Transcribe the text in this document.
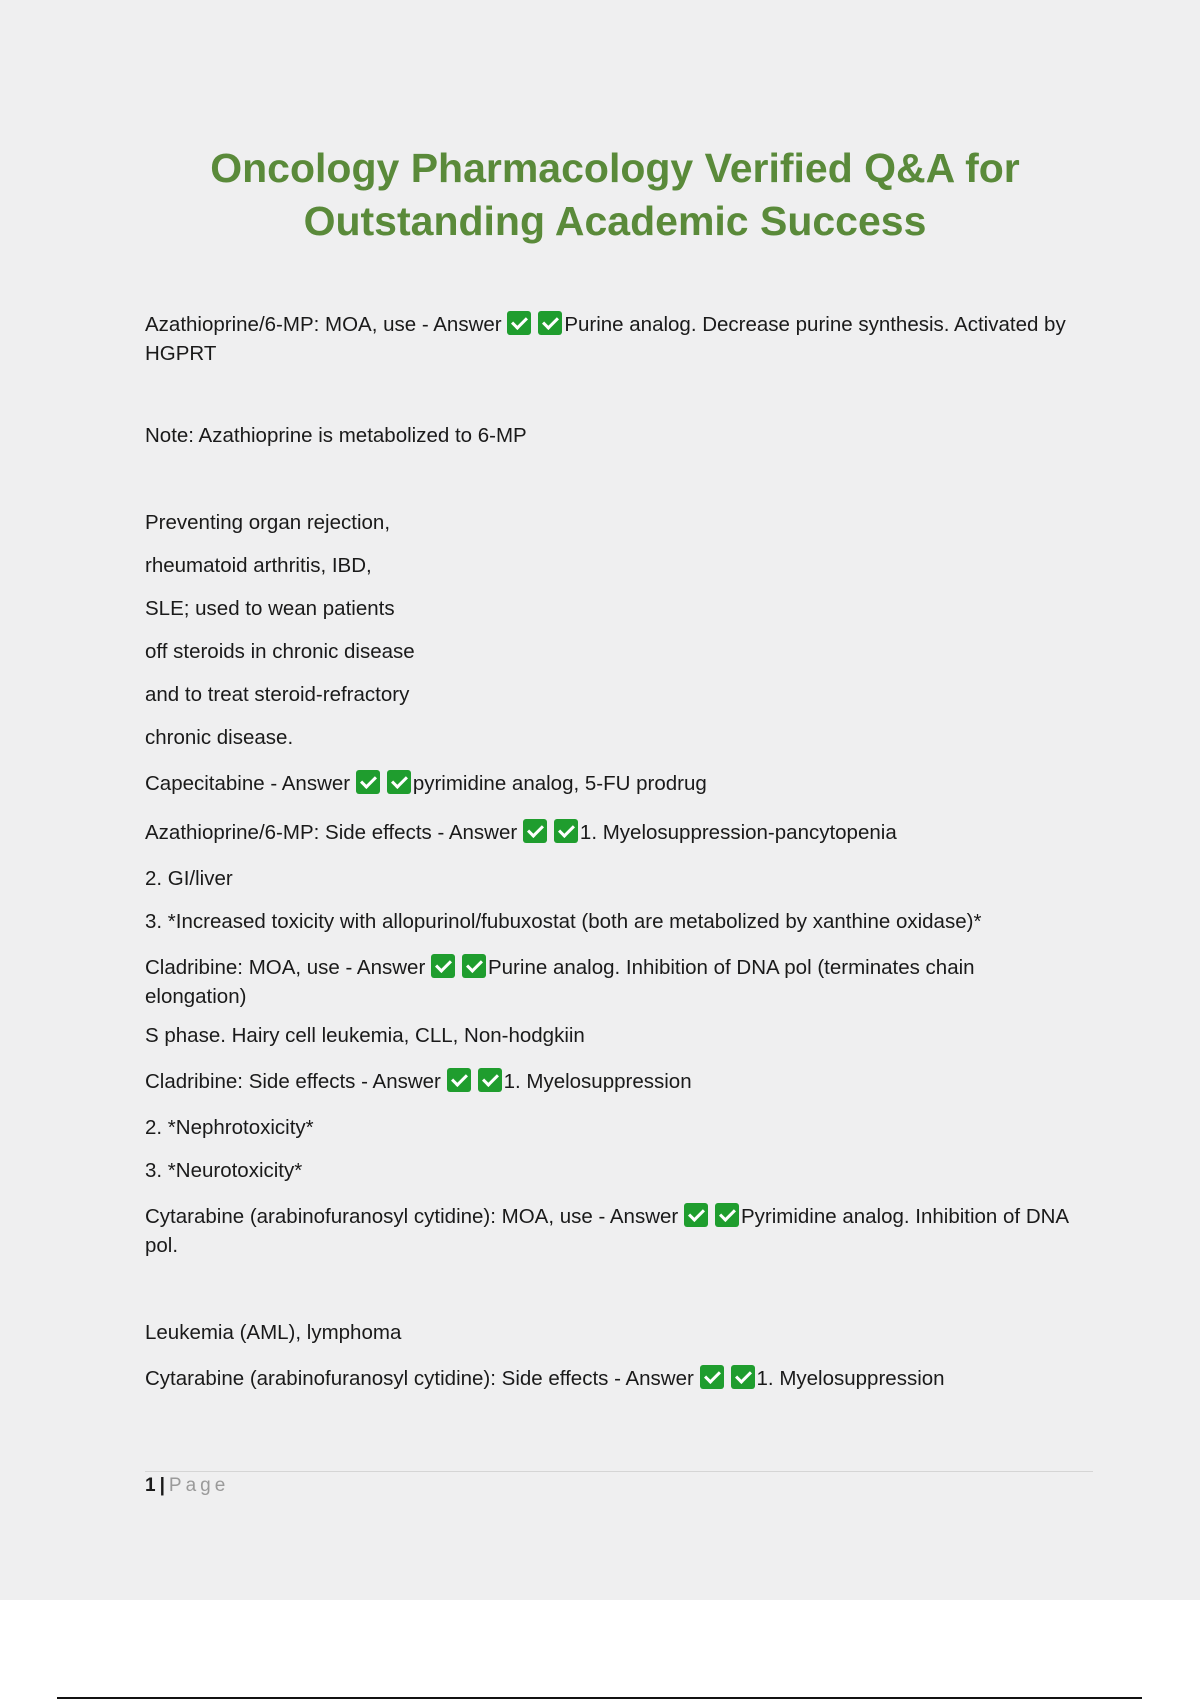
Oncology Pharmacology Verified Q&A for Outstanding Academic Success
Azathioprine/6-MP: MOA, use - Answer	Purine analog. Decrease purine synthesis. Activated by HGPRT
Note: Azathioprine is metabolized to 6-MP
Preventing organ rejection,
rheumatoid arthritis, IBD,
SLE; used to wean patients
off steroids in chronic disease
and to treat steroid-refractory
chronic disease.
Capecitabine - Answer	pyrimidine analog, 5-FU prodrug
Azathioprine/6-MP: Side effects - Answer	1. Myelosuppression-pancytopenia
2. GI/liver
3. *Increased toxicity with allopurinol/fubuxostat (both are metabolized by xanthine oxidase)*
Cladribine: MOA, use - Answer	Purine analog. Inhibition of DNA pol (terminates chain elongation)
S phase. Hairy cell leukemia, CLL, Non-hodgkiin
Cladribine: Side effects - Answer	1. Myelosuppression
2. *Nephrotoxicity*
3. *Neurotoxicity*
Cytarabine (arabinofuranosyl cytidine): MOA, use - Answer	Pyrimidine analog. Inhibition of DNA pol.
Leukemia (AML), lymphoma
Cytarabine (arabinofuranosyl cytidine): Side effects - Answer	1. Myelosuppression
1 | Page
